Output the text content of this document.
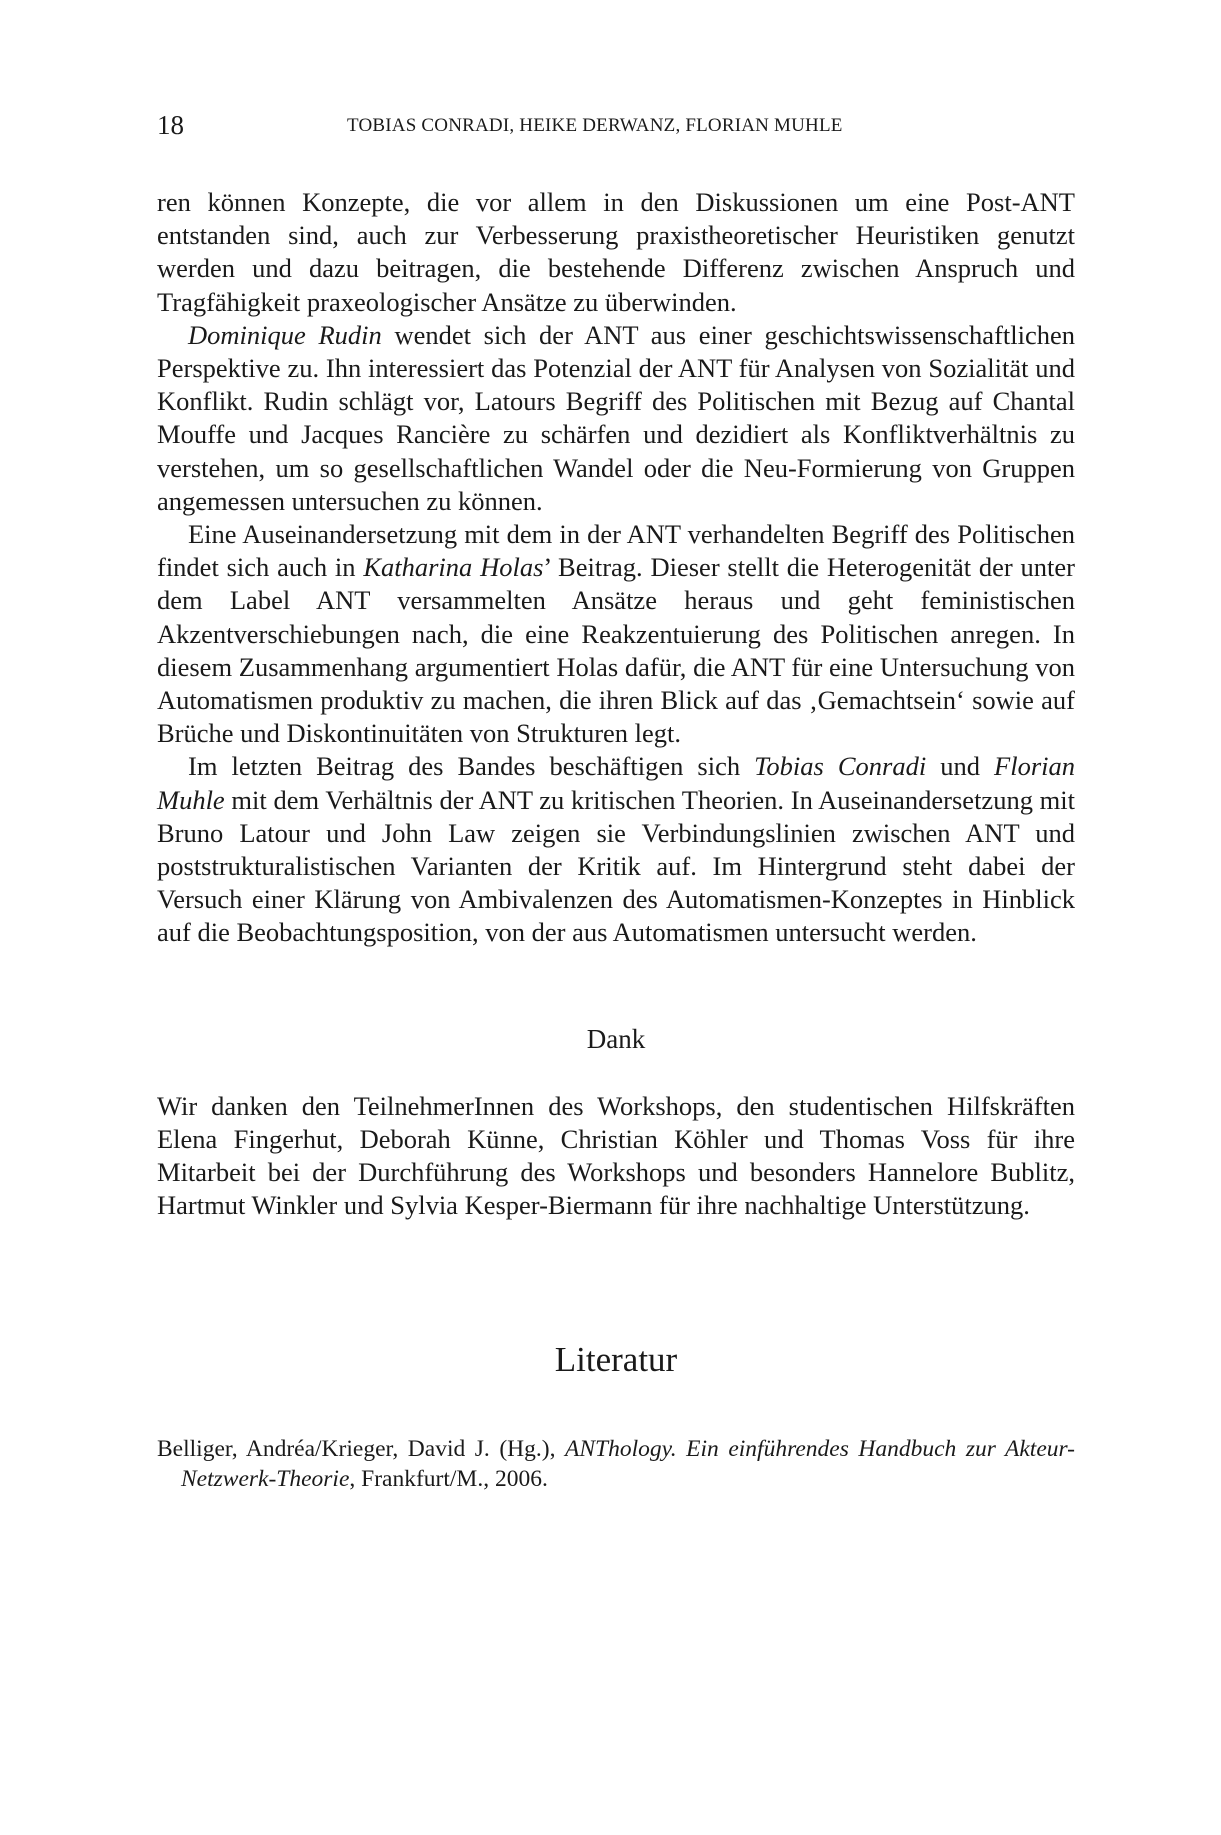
18	TOBIAS CONRADI, HEIKE DERWANZ, FLORIAN MUHLE

ren können Konzepte, die vor allem in den Diskussionen um eine Post-ANT entstanden sind, auch zur Verbesserung praxistheoretischer Heuristiken genutzt werden und dazu beitragen, die bestehende Differenz zwischen Anspruch und Tragfähigkeit praxeologischer Ansätze zu überwinden.

Dominique Rudin wendet sich der ANT aus einer geschichtswissenschaftlichen Perspektive zu. Ihn interessiert das Potenzial der ANT für Analysen von Sozialität und Konflikt. Rudin schlägt vor, Latours Begriff des Politischen mit Bezug auf Chantal Mouffe und Jacques Rancière zu schärfen und dezidiert als Konfliktverhältnis zu verstehen, um so gesellschaftlichen Wandel oder die Neu-Formierung von Gruppen angemessen untersuchen zu können.

Eine Auseinandersetzung mit dem in der ANT verhandelten Begriff des Politischen findet sich auch in Katharina Holas’ Beitrag. Dieser stellt die Heterogenität der unter dem Label ANT versammelten Ansätze heraus und geht feministischen Akzentverschiebungen nach, die eine Reakzentuierung des Politischen anregen. In diesem Zusammenhang argumentiert Holas dafür, die ANT für eine Untersuchung von Automatismen produktiv zu machen, die ihren Blick auf das ‚Gemachtsein‘ sowie auf Brüche und Diskontinuitäten von Strukturen legt.

Im letzten Beitrag des Bandes beschäftigen sich Tobias Conradi und Florian Muhle mit dem Verhältnis der ANT zu kritischen Theorien. In Auseinandersetzung mit Bruno Latour und John Law zeigen sie Verbindungslinien zwischen ANT und poststrukturalistischen Varianten der Kritik auf. Im Hintergrund steht dabei der Versuch einer Klärung von Ambivalenzen des Automatismen-Konzeptes in Hinblick auf die Beobachtungsposition, von der aus Automatismen untersucht werden.

Dank

Wir danken den TeilnehmerInnen des Workshops, den studentischen Hilfskräften Elena Fingerhut, Deborah Künne, Christian Köhler und Thomas Voss für ihre Mitarbeit bei der Durchführung des Workshops und besonders Hannelore Bublitz, Hartmut Winkler und Sylvia Kesper-Biermann für ihre nachhaltige Unterstützung.

Literatur
Belliger, Andréa/Krieger, David J. (Hg.), ANThology. Ein einführendes Handbuch zur Akteur-Netzwerk-Theorie, Frankfurt/M., 2006.
